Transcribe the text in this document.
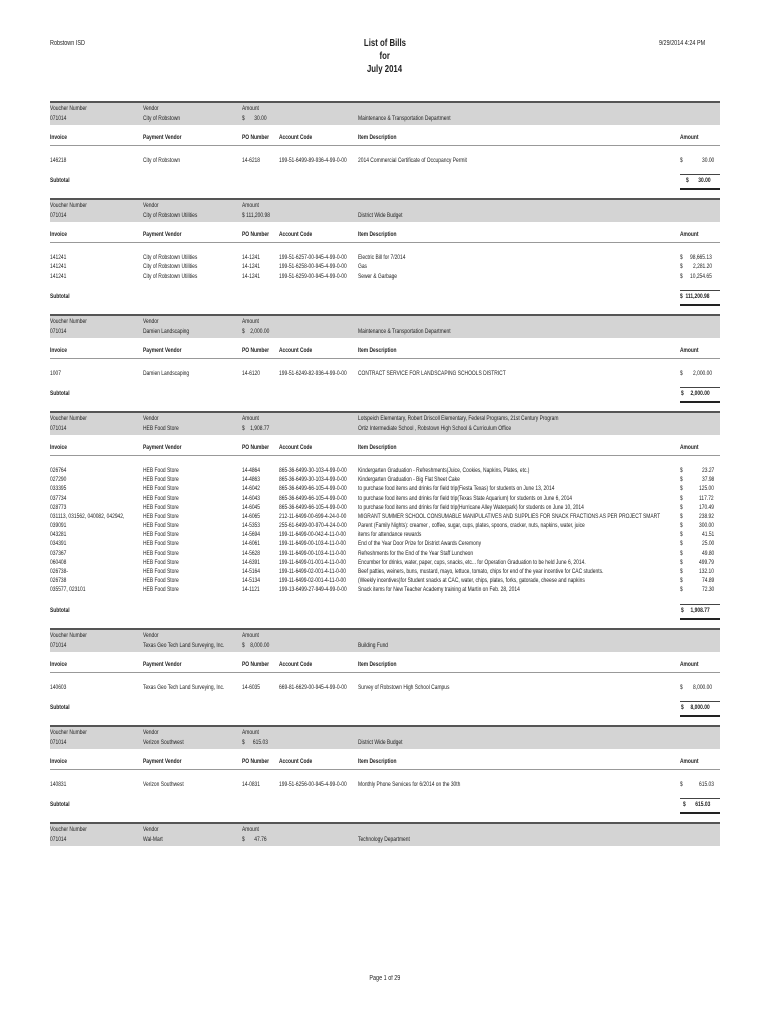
Robstown ISD	List of Bills
for
July 2014
9/29/2014 4:24 PM
Voucher Number	Vendor	Amount
071014	City of Robstown	$       30.00	Maintenance & Transportation Department
Invoice	Payment Vendor	PO Number	Account Code	Item Description	Amount
146218	City of Robstown	14-6218	199-51-6499-89-936-4-99-0-00	2014 Commercial Certificate of Occupancy Permit	$	30.00
Subtotal	$       30.00
Voucher Number	Vendor	Amount
071014	City of Robstown Utilities	$ 111,200.98	District Wide Budget
Invoice	Payment Vendor	PO Number	Account Code	Item Description	Amount
141241	City of Robstown Utilities	14-1241	199-51-6257-00-945-4-99-0-00	Electric Bill for 7/2014	$ 98,665.13
141241	City of Robstown Utilities	14-1241	199-51-6258-00-945-4-99-0-00	Gas	$ 2,281.20
141241	City of Robstown Utilities	14-1241	199-51-6259-00-945-4-99-0-00	Sewer & Garbage	$ 10,254.65
Subtotal	$  111,200.98
Voucher Number	Vendor	Amount
071014	Damien Landscaping	$    2,000.00	Maintenance & Transportation Department
Invoice	Payment Vendor	PO Number	Account Code	Item Description	Amount
1007	Damien Landscaping	14-6120	199-51-6249-82-936-4-99-0-00	CONTRACT SERVICE FOR LANDSCAPING SCHOOLS DISTRICT	$ 2,000.00
Subtotal	$     2,000.00
Voucher Number	Vendor	Amount	Lotspeich Elementary, Robert Driscoll Elementary, Federal Programs, 21st Century Program
071014	HEB Food Store	$    1,908.77	Ortiz Intermediate School , Robstown High School & Curriculum Office
Invoice	Payment Vendor	PO Number	Account Code	Item Description	Amount
026764	HEB Food Store	14-4864	865-36-6499-30-103-4-99-0-00	Kindergarten Graduation - Refreshments(Juice, Cookies, Napkins, Plates, etc.)	$	23.27
027290	HEB Food Store	14-4863	865-36-6499-30-103-4-99-0-00	Kindergarten Graduation - Big Flat Sheet Cake	$	37.98
033395	HEB Food Store	14-6042	865-36-6499-66-105-4-99-0-00	to purchase food items and drinks for field trip(Fiesta Texas) for students on June 13, 2014	$	125.00
037734	HEB Food Store	14-6043	865-36-6499-66-105-4-99-0-00	to purchase food items and drinks for field trip(Texas State Aquarium) for students on June 6, 2014	$	117.72
028773	HEB Food Store	14-6045	865-36-6499-66-105-4-99-0-00	to purchase food items and drinks for field trip(Hurricane Alley Waterpark) for students on June 10, 2014	$	170.49
031113, 031562, 040082, 042942,	HEB Food Store	14-6065	212-11-6499-00-699-4-24-0-00	MIGRANT SUMMER SCHOOL CONSUMABLE MANIPULATIVES AND SUPPLIES FOR SNACK FRACTIONS AS PER PROJECT SMART	$	238.92
039091	HEB Food Store	14-5353	255-61-6499-00-970-4-24-0-00	Parent (Family Nights): creamer , coffee, sugar, cups, plates, spoons, cracker, nuts, napkins, water, juice	$	300.00
043281	HEB Food Store	14-5694	199-11-6499-00-042-4-11-0-00	items for attendance rewards	$	41.51
034391	HEB Food Store	14-6061	199-11-6499-00-103-4-11-0-00	End of the Year Door Prize for District Awards Ceremony	$	25.00
037367	HEB Food Store	14-5628	199-11-6499-00-103-4-11-0-00	Refreshments for the End of the Year Staff Luncheon	$	49.80
060408	HEB Food Store	14-6391	199-11-6499-01-001-4-11-0-00	Encumber for drinks, water, paper, cups, snacks, etc... for Operation Graduation to be held June 6, 2014.	$	499.79
026738-	HEB Food Store	14-5164	199-11-6499-02-001-4-11-0-00	Beef patties, weiners, buns, mustard, mayo, lettuce, tomato, chips for end of the year incentive for CAC students.	$	132.10
026738	HEB Food Store	14-5134	199-11-6499-02-001-4-11-0-00	(Weekly incentives)for Student snacks at CAC, water, chips, plates, forks, gatorade, cheese and napkins	$	74.89
035577, 023101	HEB Food Store	14-1121	199-13-6499-27-949-4-99-0-00	Snack items for New Teacher Academy training at Martin on Feb. 28, 2014	$	72.30
Subtotal	$     1,908.77
Voucher Number	Vendor	Amount
071014	Texas Geo Tech Land Surveying, Inc.	$    8,000.00	Building Fund
Invoice	Payment Vendor	PO Number	Account Code	Item Description	Amount
140603	Texas Geo Tech Land Surveying, Inc.	14-6035	669-81-6629-00-945-4-99-0-00	Survey of Robstown High School Campus	$ 8,000.00
Subtotal	$     8,000.00
Voucher Number	Vendor	Amount
071014	Verizon Southwest	$      615.03	District Wide Budget
Invoice	Payment Vendor	PO Number	Account Code	Item Description	Amount
140831	Verizon Southwest	14-0831	199-51-6256-00-945-4-99-0-00	Monthly Phone Services for 6/2014 on the 30th	$	615.03
Subtotal	$       615.03
Voucher Number	Vendor	Amount
071014	Wal-Mart	$       47.76	Technology Department
Page 1 of 29
